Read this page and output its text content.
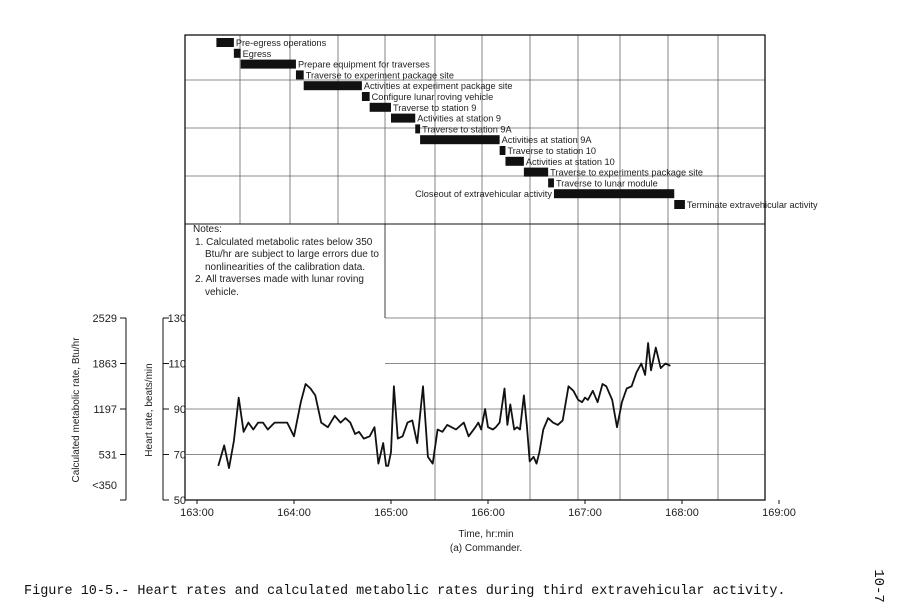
Pre-egress operations
Egress
Prepare equipment for traverses
Traverse to experiment package site
Activities at experiment package site
Configure lunar roving vehicle
Traverse to station 9
Activities at station 9
Traverse to station 9A
Activities at station 9A
Traverse to station 10
Activities at station 10
Traverse to experiments package site
Traverse to lunar module
Closeout of extravehicular activity
Terminate extravehicular activity
163:00	164:00	165:00	166:00	167:00	168:00	169:00
Time, hr:min
(a) Commander.
50
70
90
110
130
Heart rate, beats/min
<350
531
1197
1863
2529
Calculated metabolic rate, Btu/hr
Notes:
1. Calculated metabolic rates below 350 Btu/hr are subject to large errors due to nonlinearities of the calibration data.
2. All traverses made with lunar roving vehicle.
Figure 10-5.- Heart rates and calculated metabolic rates during third extravehicular activity.	10-7
